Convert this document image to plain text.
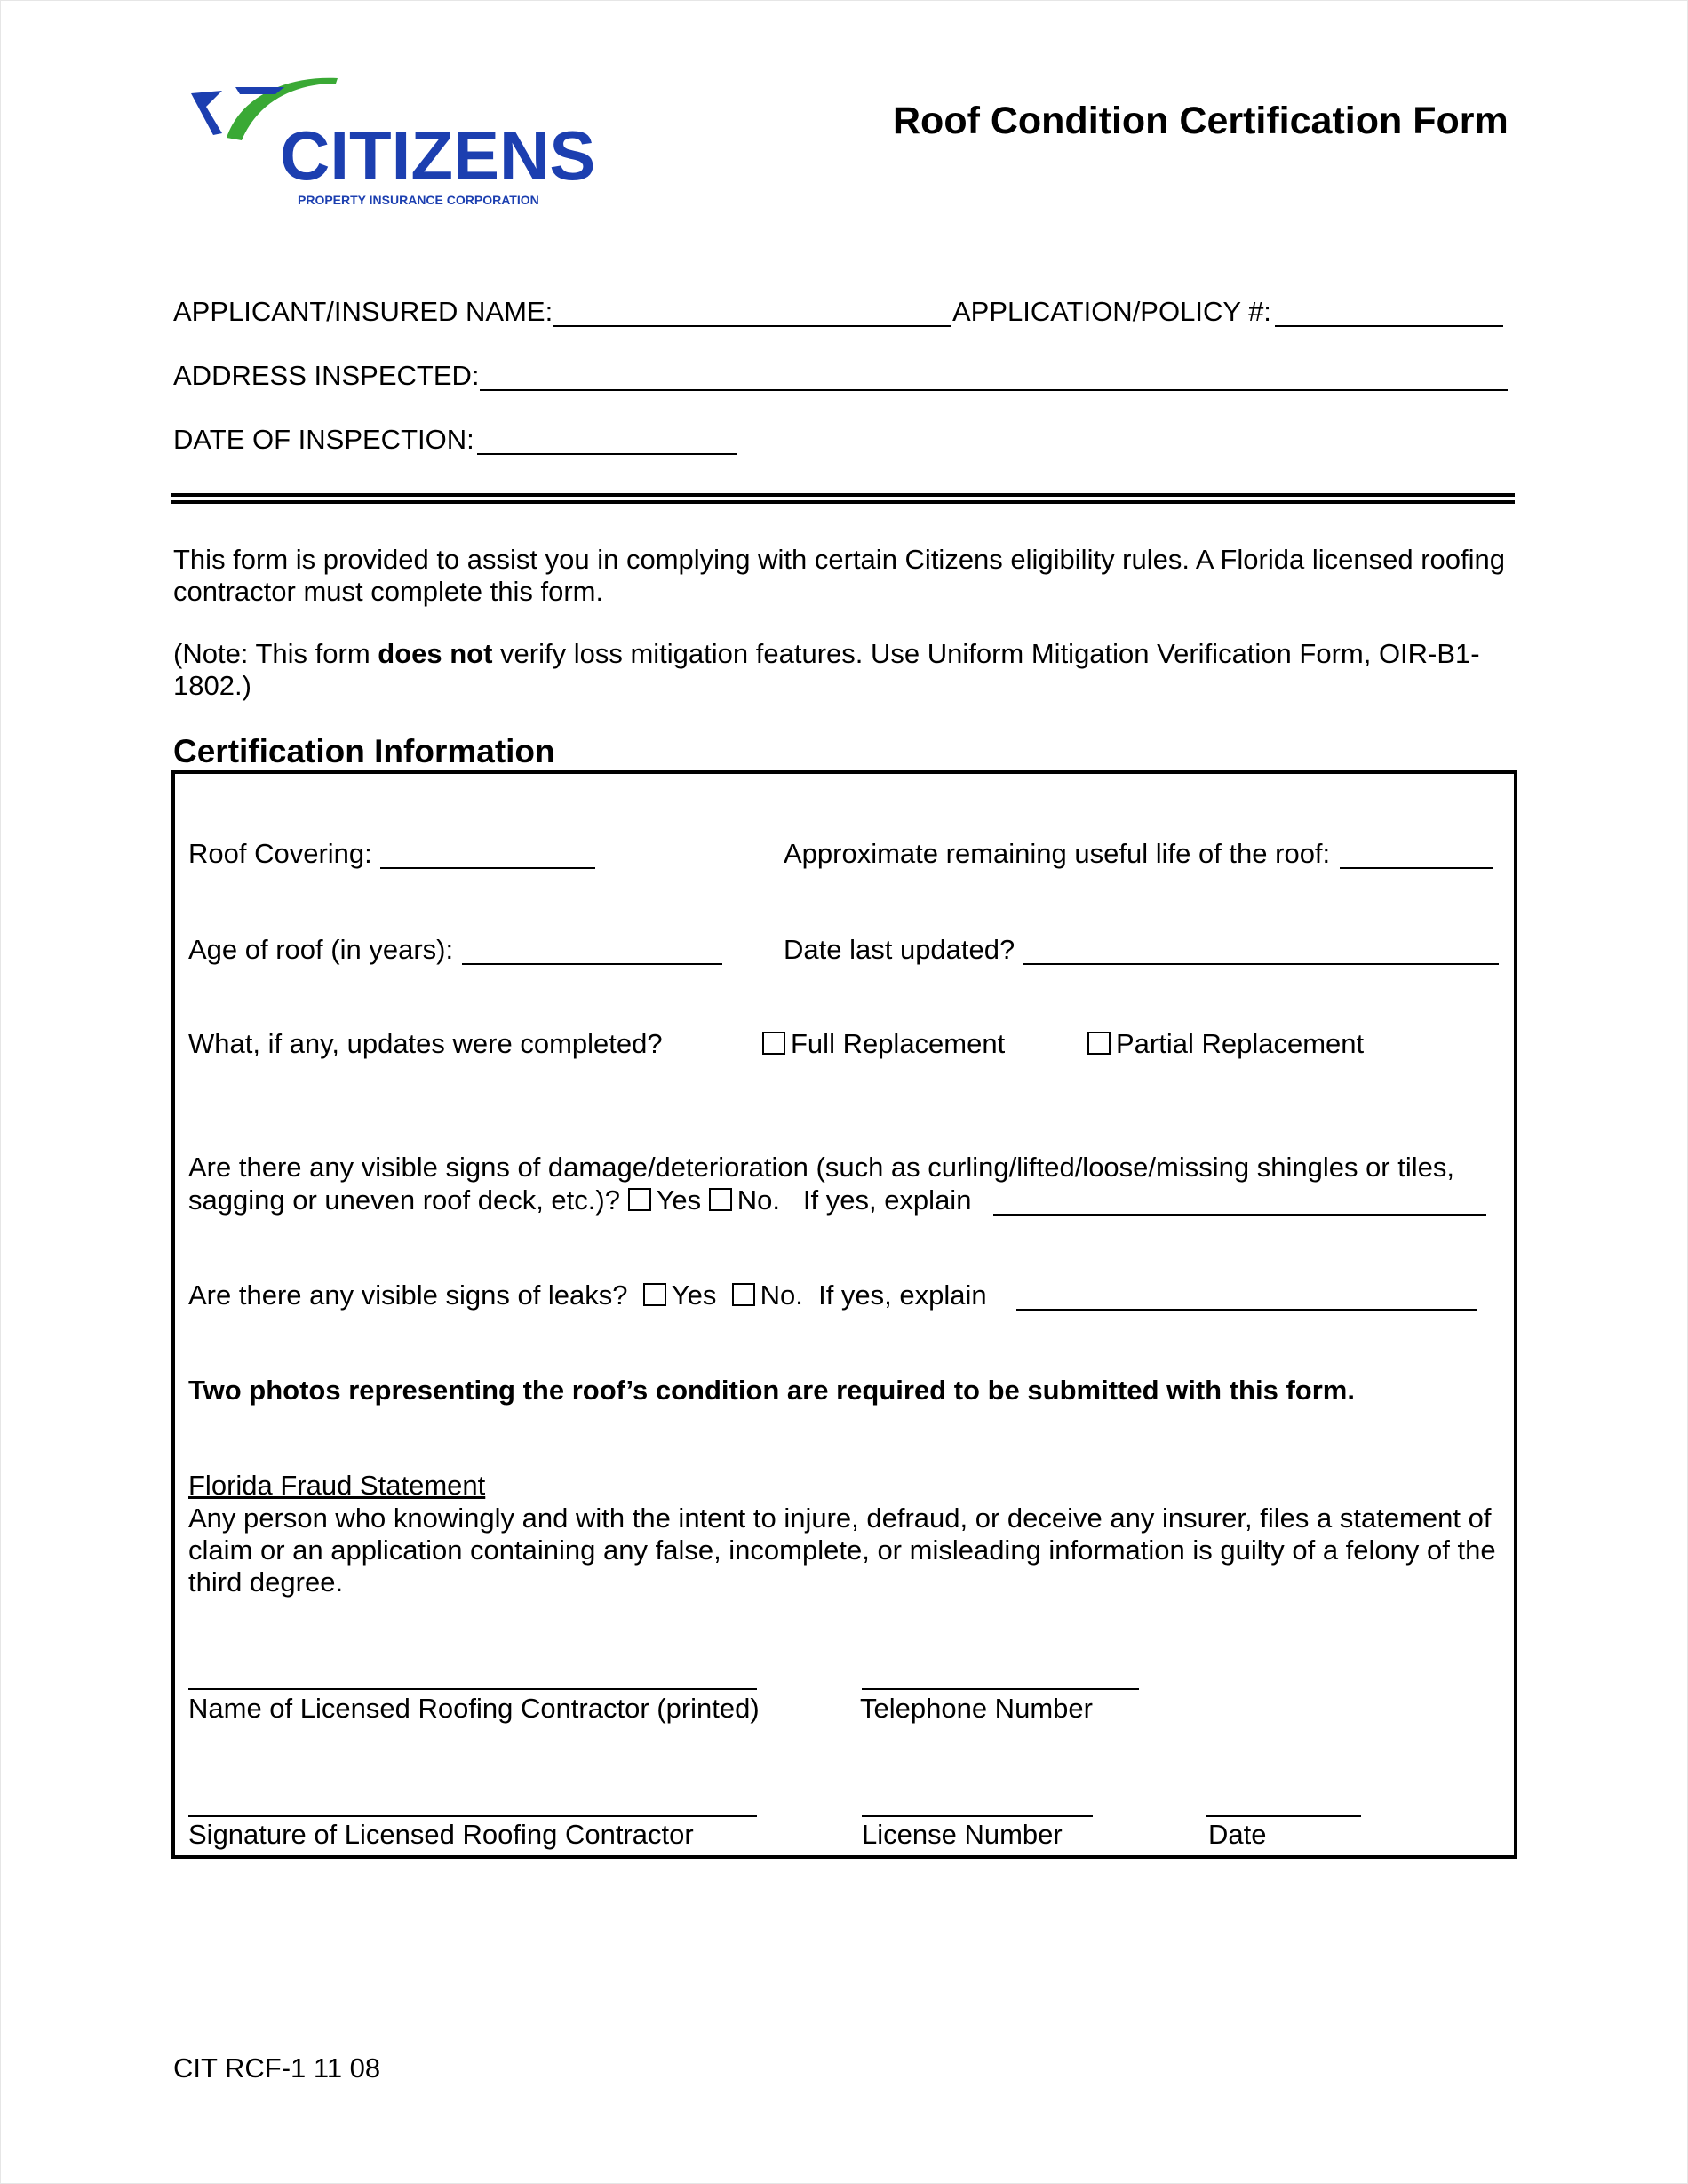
CITIZENS
PROPERTY INSURANCE CORPORATION
Roof Condition Certification Form
APPLICANT/INSURED NAME:	APPLICATION/POLICY #:
ADDRESS INSPECTED:
DATE OF INSPECTION:
This form is provided to assist you in complying with certain Citizens eligibility rules. A Florida licensed roofing contractor must complete this form.
(Note: This form does not verify loss mitigation features. Use Uniform Mitigation Verification Form, OIR-B1-1802.)
Certification Information
Roof Covering:	Approximate remaining useful life of the roof:
Age of roof (in years):	Date last updated?
What, if any, updates were completed?	Full Replacement	Partial Replacement
Are there any visible signs of damage/deterioration (such as curling/lifted/loose/missing shingles or tiles,
sagging or uneven roof deck, etc.)? Yes No. If yes, explain
Are there any visible signs of leaks? Yes No. If yes, explain
Two photos representing the roof’s condition are required to be submitted with this form.
Florida Fraud Statement
Any person who knowingly and with the intent to injure, defraud, or deceive any insurer, files a statement of claim or an application containing any false, incomplete, or misleading information is guilty of a felony of the third degree.
Name of Licensed Roofing Contractor (printed)	Telephone Number
Signature of Licensed Roofing Contractor	License Number	Date
CIT RCF-1 11 08
